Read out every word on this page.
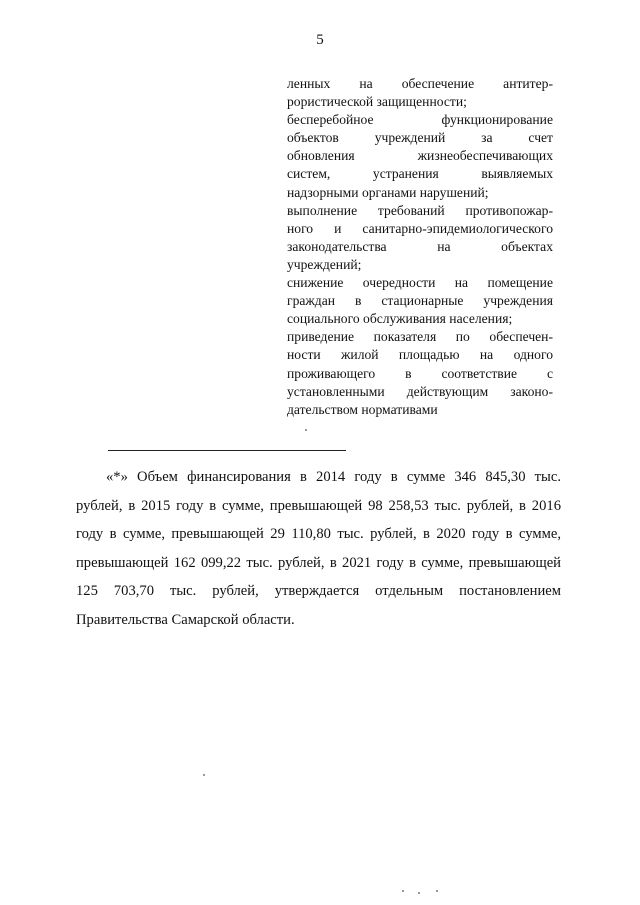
5
ленных на обеспечение антитер-
рористической защищенности;
бесперебойное функционирование
объектов учреждений за счет
обновления жизнеобеспечивающих
систем, устранения выявляемых
надзорными органами нарушений;
выполнение требований противопожар-
ного и санитарно-эпидемиологического
законодательства на объектах
учреждений;
снижение очередности на помещение
граждан в стационарные учреждения
социального обслуживания населения;
приведение показателя по обеспечен-
ности жилой площадью на одного
проживающего в соответствие с
установленными действующим законо-
дательством нормативами
«*» Объем финансирования в 2014 году в сумме 346 845,30 тыс.
рублей, в 2015 году в сумме, превышающей 98 258,53 тыс. рублей, в 2016
году в сумме, превышающей 29 110,80 тыс. рублей, в 2020 году в сумме,
превышающей 162 099,22 тыс. рублей, в 2021 году в сумме, превышающей
125 703,70 тыс. рублей, утверждается отдельным постановлением
Правительства Самарской области.
